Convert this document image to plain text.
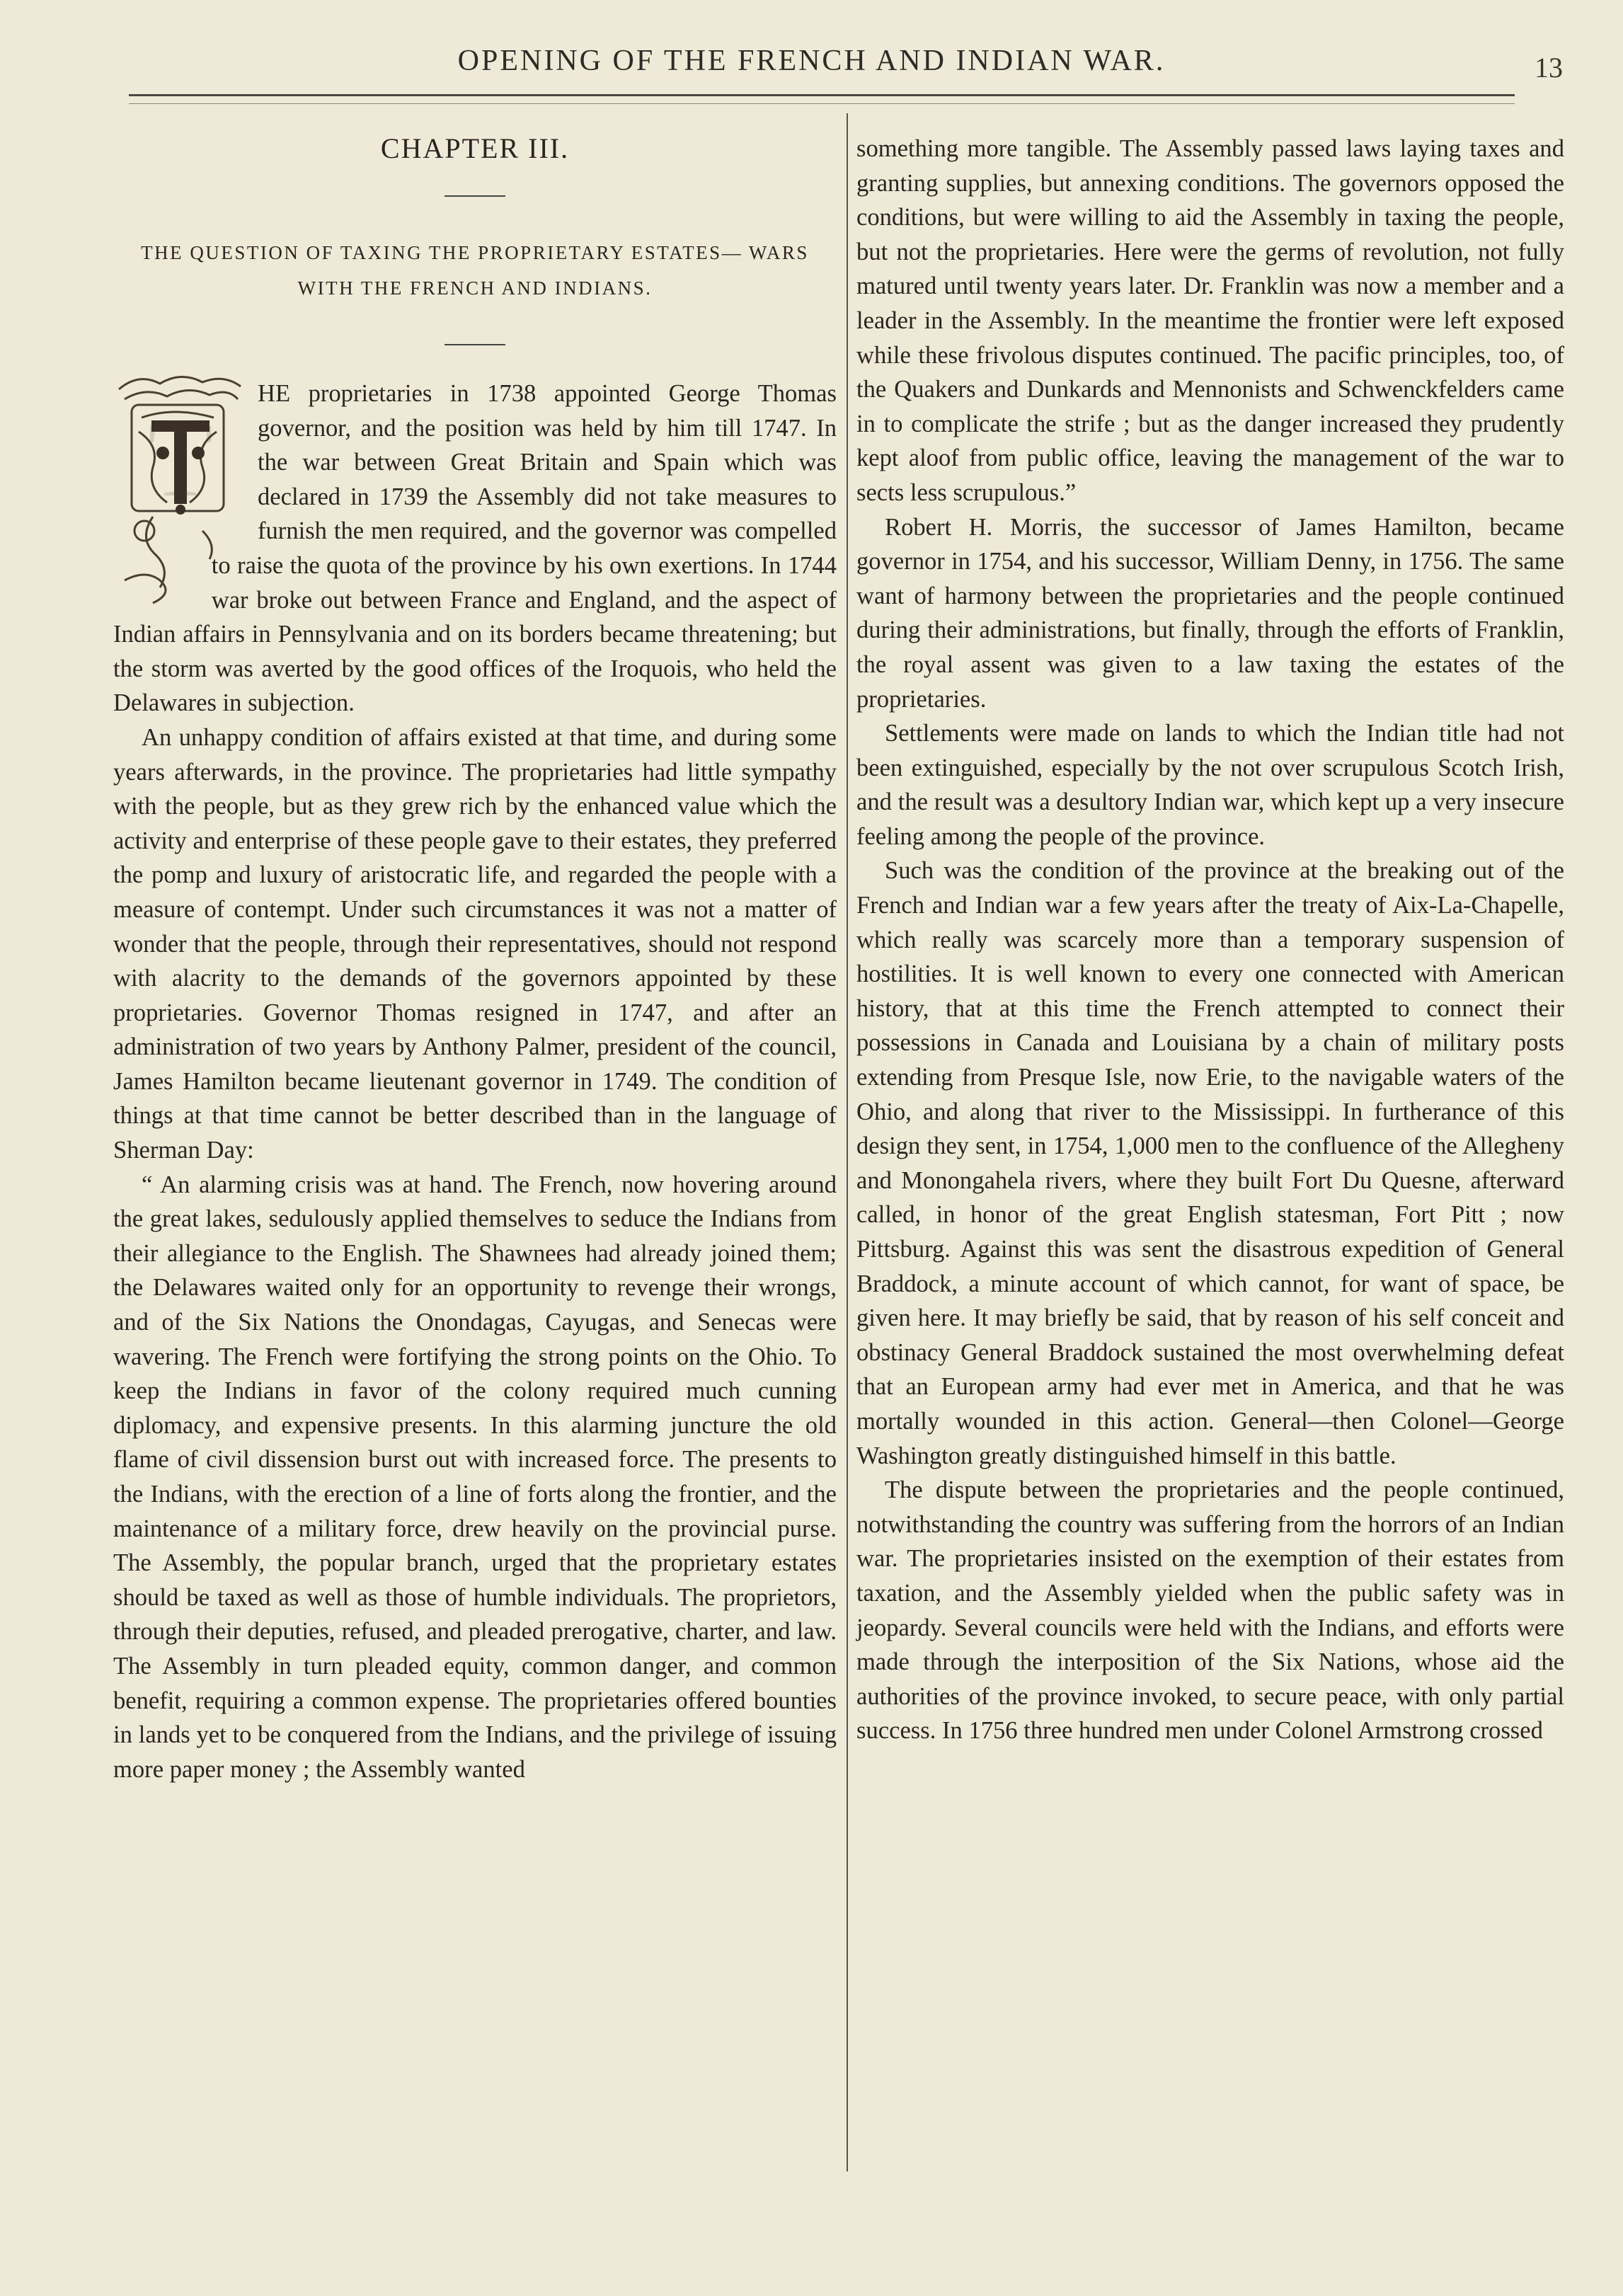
OPENING OF THE FRENCH AND INDIAN WAR.	13
CHAPTER III.
THE QUESTION OF TAXING THE PROPRIETARY ESTATES— WARS WITH THE FRENCH AND INDIANS.
T

HE proprietaries in 1738 appointed George Thomas governor, and the position was held by him till 1747. In the war between Great Britain and Spain which was declared in 1739 the Assembly did not take measures to furnish the men required, and the governor was compelled to raise the quota of the province by his own exertions. In 1744 war broke out between France and England, and the aspect of Indian affairs in Pennsylvania and on its borders became threatening; but the storm was averted by the good offices of the Iroquois, who held the Delawares in subjection.

An unhappy condition of affairs existed at that time, and during some years afterwards, in the province. The proprietaries had little sympathy with the people, but as they grew rich by the enhanced value which the activity and enterprise of these people gave to their estates, they preferred the pomp and luxury of aristocratic life, and regarded the people with a measure of contempt. Under such circumstances it was not a matter of wonder that the people, through their representatives, should not respond with alacrity to the demands of the governors appointed by these proprietaries. Governor Thomas resigned in 1747, and after an administration of two years by Anthony Palmer, president of the council, James Hamilton became lieutenant governor in 1749. The condition of things at that time cannot be better described than in the language of Sherman Day:

“ An alarming crisis was at hand. The French, now hovering around the great lakes, sedulously applied themselves to seduce the Indians from their allegiance to the English. The Shawnees had already joined them; the Delawares waited only for an opportunity to revenge their wrongs, and of the Six Nations the Onondagas, Cayugas, and Senecas were wavering. The French were fortifying the strong points on the Ohio. To keep the Indians in favor of the colony required much cunning diplomacy, and expensive presents. In this alarming juncture the old flame of civil dissension burst out with increased force. The presents to the Indians, with the erection of a line of forts along the frontier, and the maintenance of a military force, drew heavily on the provincial purse. The Assembly, the popular branch, urged that the proprietary estates should be taxed as well as those of humble individuals. The proprietors, through their deputies, refused, and pleaded prerogative, charter, and law. The Assembly in turn pleaded equity, common danger, and common benefit, requiring a common expense. The proprietaries offered bounties in lands yet to be conquered from the Indians, and the privilege of issuing more paper money ; the Assembly wanted

something more tangible. The Assembly passed laws laying taxes and granting supplies, but annexing conditions. The governors opposed the conditions, but were willing to aid the Assembly in taxing the people, but not the proprietaries. Here were the germs of revolution, not fully matured until twenty years later. Dr. Franklin was now a member and a leader in the Assembly. In the meantime the frontier were left exposed while these frivolous disputes continued. The pacific principles, too, of the Quakers and Dunkards and Mennonists and Schwenckfelders came in to complicate the strife ; but as the danger increased they prudently kept aloof from public office, leaving the management of the war to sects less scrupulous.”

Robert H. Morris, the successor of James Hamilton, became governor in 1754, and his successor, William Denny, in 1756. The same want of harmony between the proprietaries and the people continued during their administrations, but finally, through the efforts of Franklin, the royal assent was given to a law taxing the estates of the proprietaries.

Settlements were made on lands to which the Indian title had not been extinguished, especially by the not over scrupulous Scotch Irish, and the result was a desultory Indian war, which kept up a very insecure feeling among the people of the province.

Such was the condition of the province at the breaking out of the French and Indian war a few years after the treaty of Aix-La-Chapelle, which really was scarcely more than a temporary suspension of hostilities. It is well known to every one connected with American history, that at this time the French attempted to connect their possessions in Canada and Louisiana by a chain of military posts extending from Presque Isle, now Erie, to the navigable waters of the Ohio, and along that river to the Mississippi. In furtherance of this design they sent, in 1754, 1,000 men to the confluence of the Allegheny and Monongahela rivers, where they built Fort Du Quesne, afterward called, in honor of the great English statesman, Fort Pitt ; now Pittsburg. Against this was sent the disastrous expedition of General Braddock, a minute account of which cannot, for want of space, be given here. It may briefly be said, that by reason of his self conceit and obstinacy General Braddock sustained the most overwhelming defeat that an European army had ever met in America, and that he was mortally wounded in this action. General—then Colonel—George Washington greatly distinguished himself in this battle.

The dispute between the proprietaries and the people continued, notwithstanding the country was suffering from the horrors of an Indian war. The proprietaries insisted on the exemption of their estates from taxation, and the Assembly yielded when the public safety was in jeopardy. Several councils were held with the Indians, and efforts were made through the interposition of the Six Nations, whose aid the authorities of the province invoked, to secure peace, with only partial success. In 1756 three hundred men under Colonel Armstrong crossed
